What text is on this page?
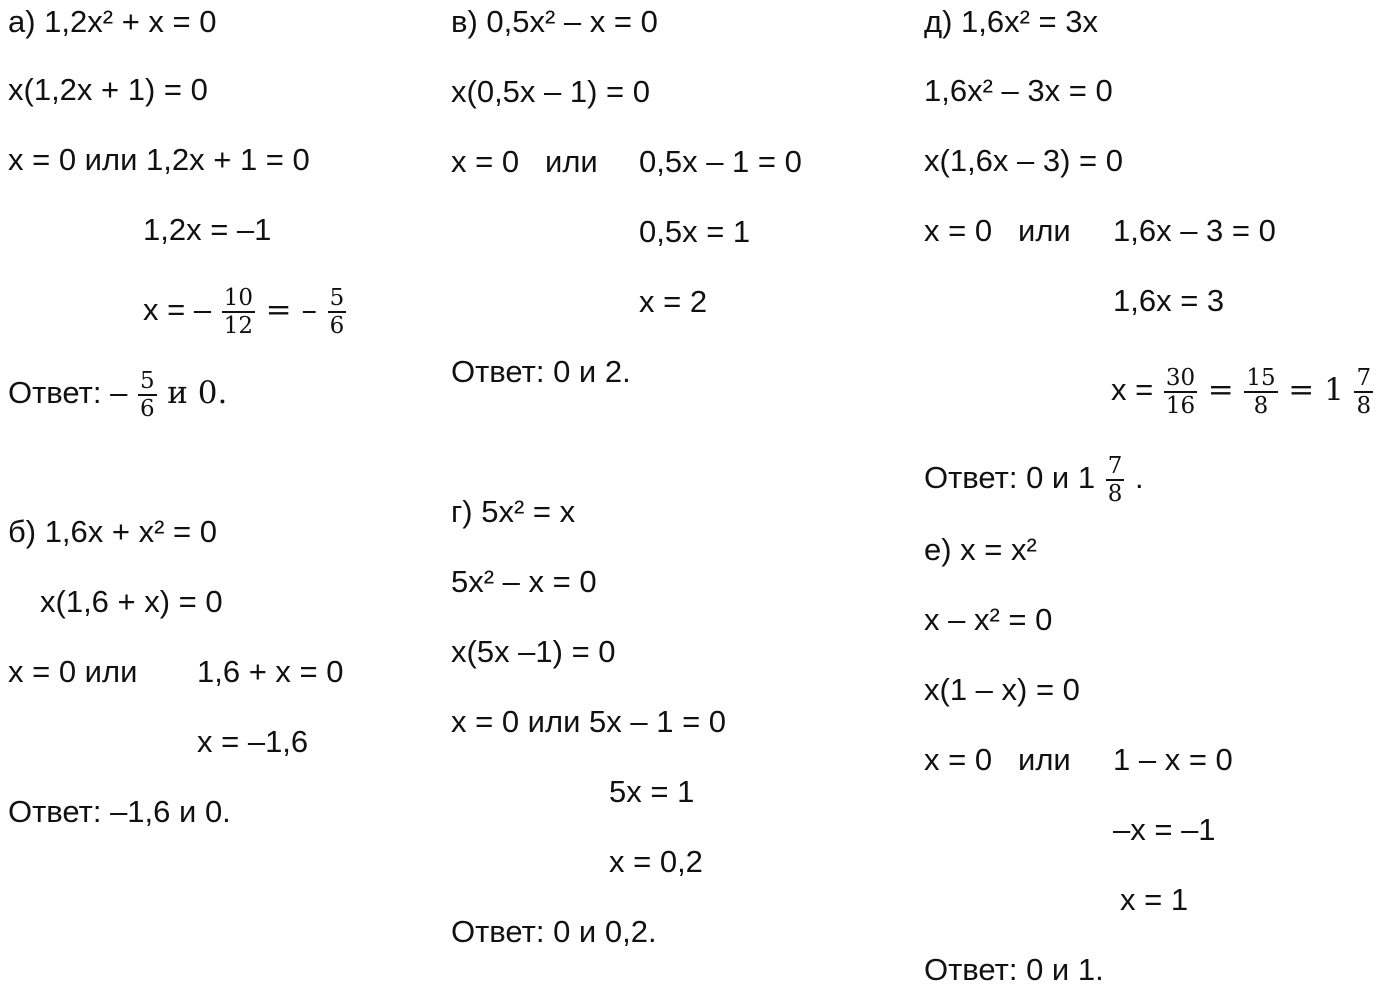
а) 1,2x² + x = 0
x(1,2x + 1) = 0
x = 0 или 1,2x + 1 = 0
1,2x = –1
x = – $\frac{10}{12}$ = – $\frac{5}{6}$
Ответ: – $\frac{5}{6}$ и 0.
б) 1,6x + x² = 0
x(1,6 + x) = 0
x = 0 или 1,6 + x = 0
x = –1,6
Ответ: –1,6 и 0.
в) 0,5x² – x = 0
x(0,5x – 1) = 0
x = 0 или 0,5x – 1 = 0
0,5x = 1
x = 2
Ответ: 0 и 2.
г) 5x² = x
5x² – x = 0
x(5x –1) = 0
x = 0 или 5x – 1 = 0
5x = 1
x = 0,2
Ответ: 0 и 0,2.
д) 1,6x² = 3x
1,6x² – 3x = 0
x(1,6x – 3) = 0
x = 0 или 1,6x – 3 = 0
1,6x = 3
$x = \frac{30}{16} = \frac{15}{8} = 1 \frac{7}{8}$
Ответ: 0 и $1 \frac{7}{8}$ .
е) x = x²
x – x² = 0
x(1 – x) = 0
x = 0 или 1 – x = 0
–x = –1
x = 1
Ответ: 0 и 1.
